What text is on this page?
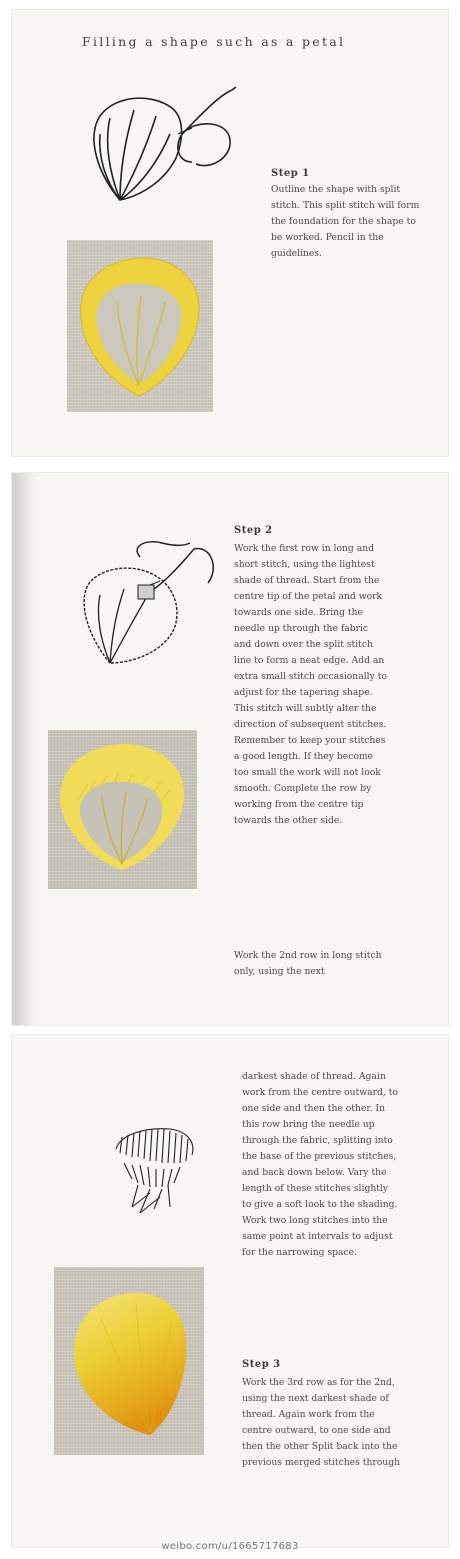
Filling a shape such as a petal
Step 1

Outline the shape with split stitch. This split stitch will form the foundation for the shape to be worked. Pencil in the guidelines.

Step 2

Work the first row in long and short stitch, using the lightest shade of thread. Start from the centre tip of the petal and work towards one side. Bring the needle up through the fabric and down over the split stitch line to form a neat edge. Add an extra small stitch occasionally to adjust for the tapering shape. This stitch will subtly alter the direction of subsequent stitches. Remember to keep your stitches a good length. If they become too small the work will not look smooth. Complete the row by working from the centre tip towards the other side.

Work the 2nd row in long stitch only, using the next

darkest shade of thread. Again work from the centre outward, to one side and then the other. In this row bring the needle up through the fabric, splitting into the base of the previous stitches, and back down below. Vary the length of these stitches slightly to give a soft look to the shading. Work two long stitches into the same point at intervals to adjust for the narrowing space.

Step 3

Work the 3rd row as for the 2nd, using the next darkest shade of thread. Again work from the centre outward, to one side and then the other Split back into the previous merged stitches through

weibo.com/u/1665717683
